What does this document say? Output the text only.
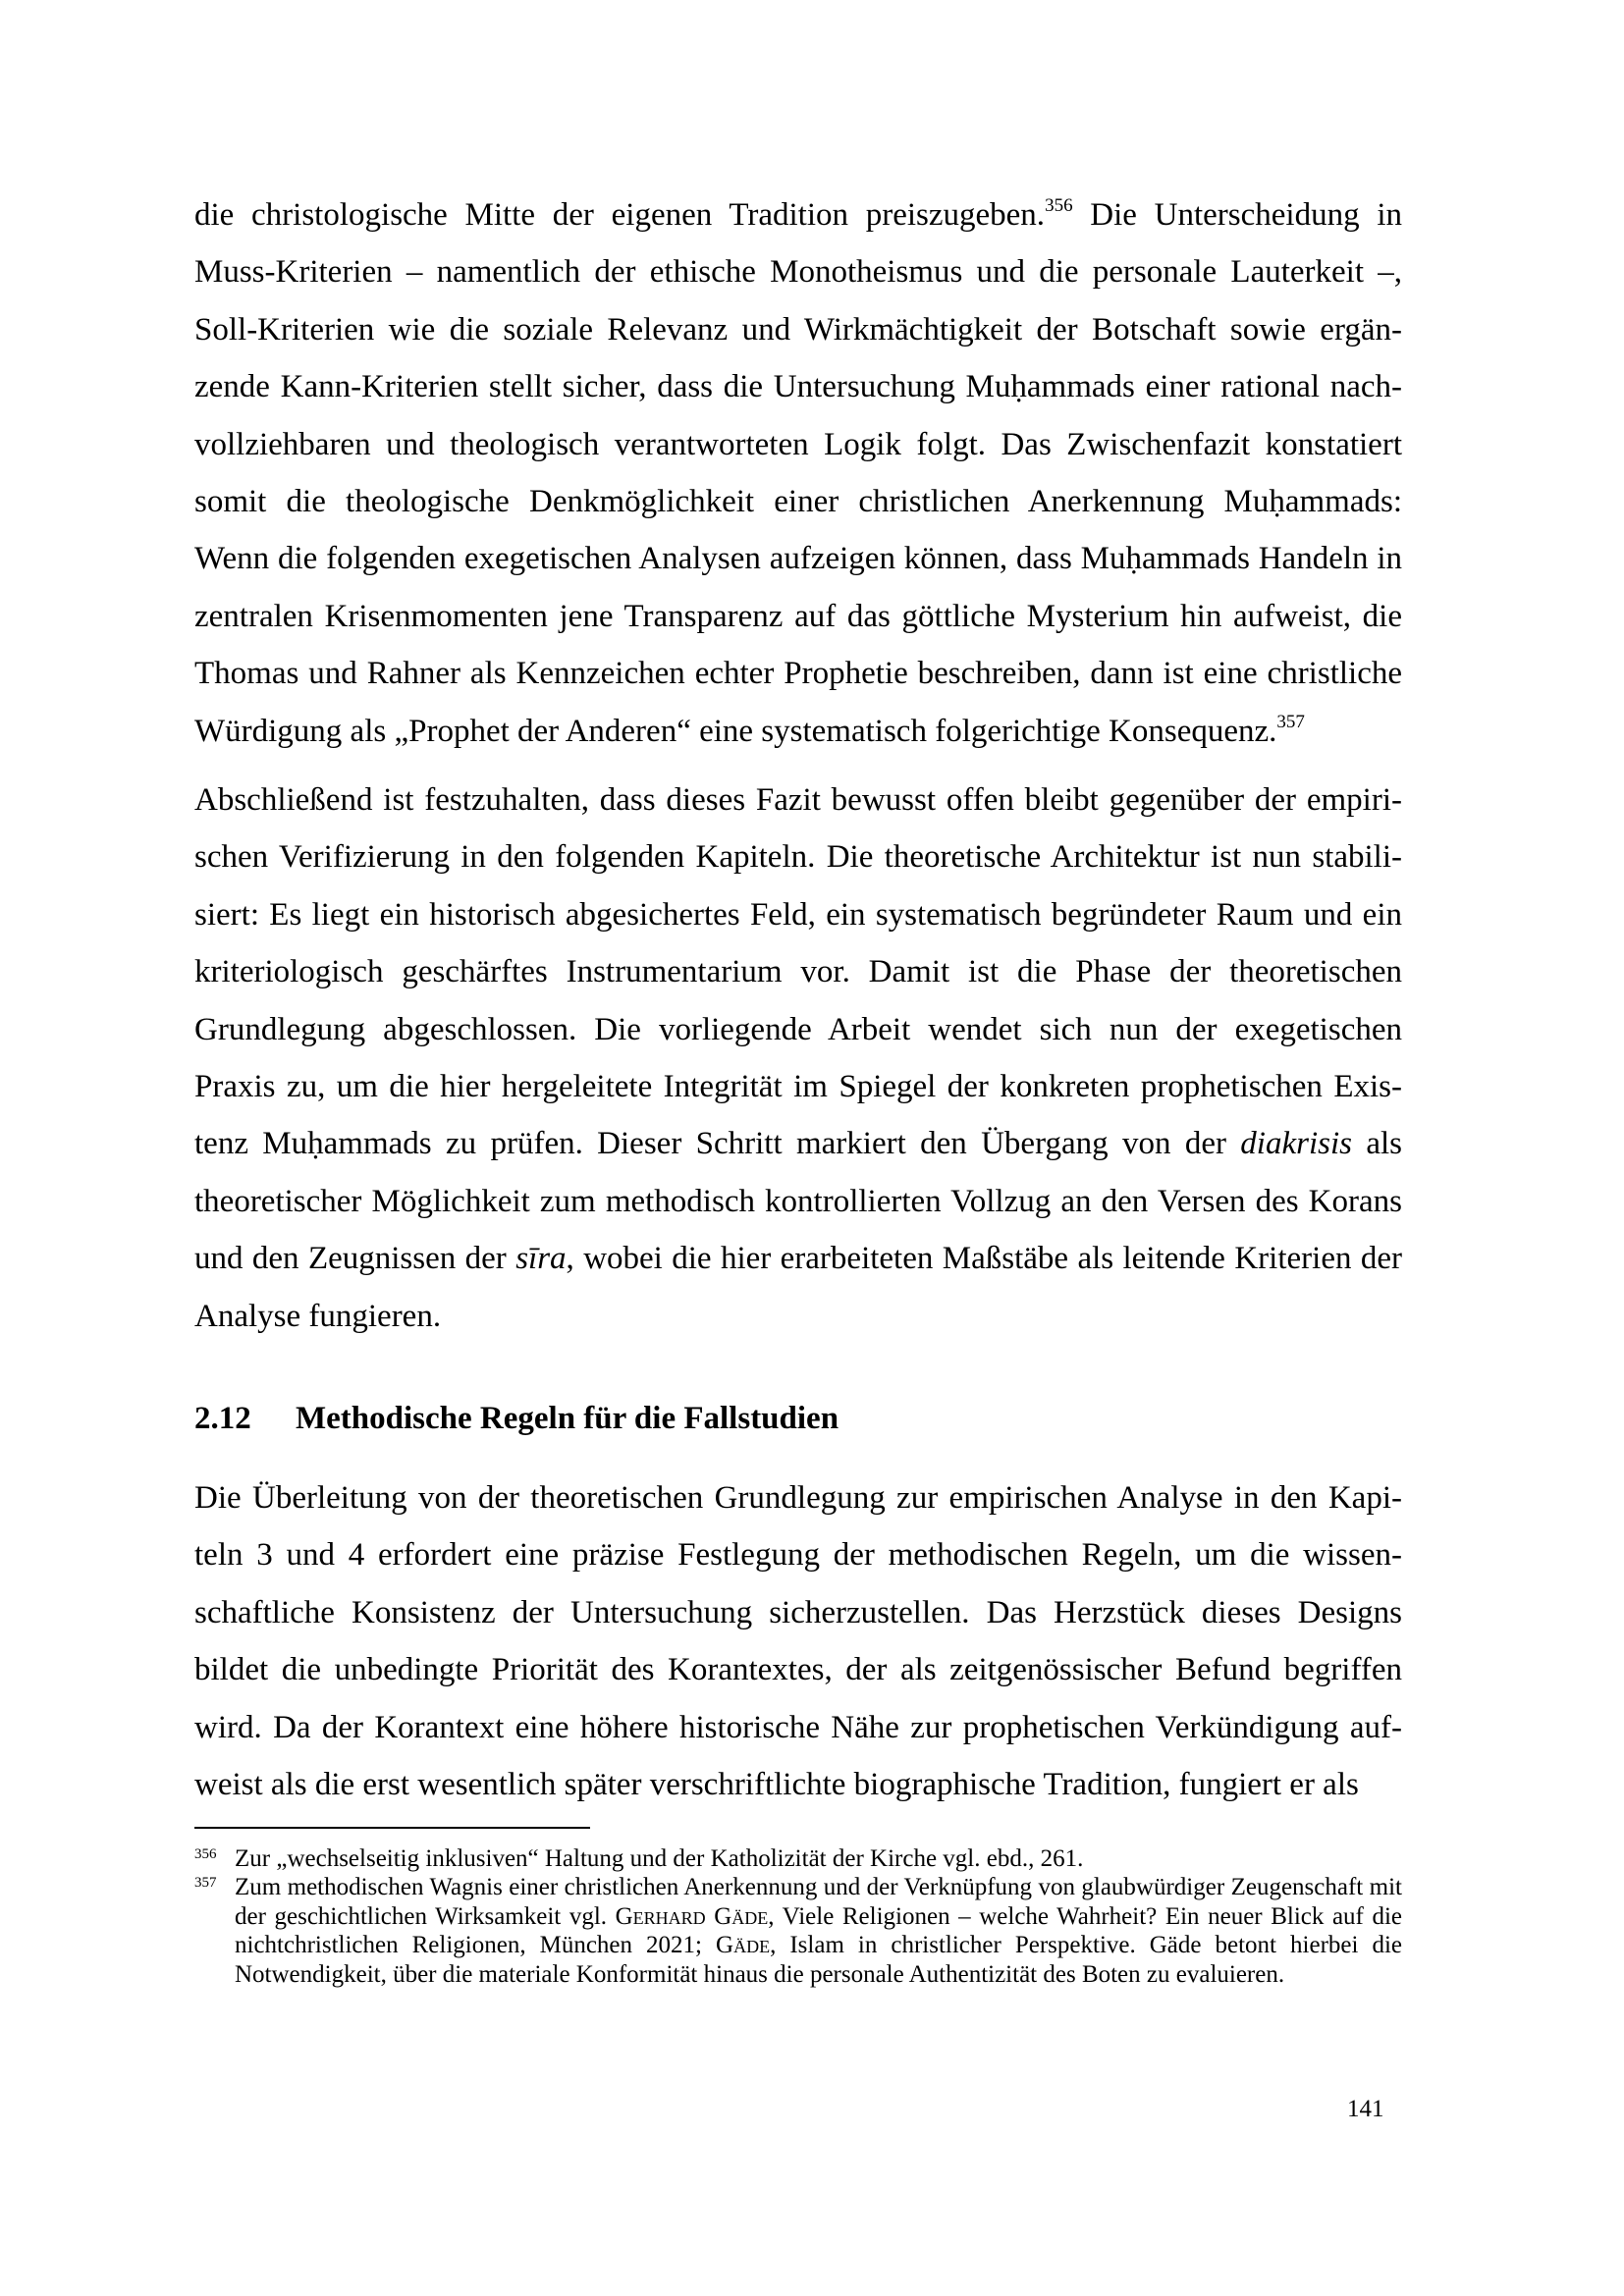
die christologische Mitte der eigenen Tradition preiszugeben.$^{356}$ Die Unterscheidung in Muss-Kriterien – namentlich der ethische Monotheismus und die personale Lauterkeit –, Soll-Kriterien wie die soziale Relevanz und Wirkmächtigkeit der Botschaft sowie ergänzende Kann-Kriterien stellt sicher, dass die Untersuchung Muḥammads einer rational nachvollziehbaren und theologisch verantworteten Logik folgt. Das Zwischenfazit konstatiert somit die theologische Denkmöglichkeit einer christlichen Anerkennung Muḥammads: Wenn die folgenden exegetischen Analysen aufzeigen können, dass Muḥammads Handeln in zentralen Krisenmomenten jene Transparenz auf das göttliche Mysterium hin aufweist, die Thomas und Rahner als Kennzeichen echter Prophetie beschreiben, dann ist eine christliche Würdigung als „Prophet der Anderen“ eine systematisch folgerichtige Konsequenz.$^{357}$

Abschließend ist festzuhalten, dass dieses Fazit bewusst offen bleibt gegenüber der empirischen Verifizierung in den folgenden Kapiteln. Die theoretische Architektur ist nun stabilisiert: Es liegt ein historisch abgesichertes Feld, ein systematisch begründeter Raum und ein kriteriologisch geschärftes Instrumentarium vor. Damit ist die Phase der theoretischen Grundlegung abgeschlossen. Die vorliegende Arbeit wendet sich nun der exegetischen Praxis zu, um die hier hergeleitete Integrität im Spiegel der konkreten prophetischen Existenz Muḥammads zu prüfen. Dieser Schritt markiert den Übergang von der diakrisis als theoretischer Möglichkeit zum methodisch kontrollierten Vollzug an den Versen des Korans und den Zeugnissen der sīra, wobei die hier erarbeiteten Maßstäbe als leitende Kriterien der Analyse fungieren.

2.12 Methodische Regeln für die Fallstudien

Die Überleitung von der theoretischen Grundlegung zur empirischen Analyse in den Kapiteln 3 und 4 erfordert eine präzise Festlegung der methodischen Regeln, um die wissenschaftliche Konsistenz der Untersuchung sicherzustellen. Das Herzstück dieses Designs bildet die unbedingte Priorität des Korantextes, der als zeitgenössischer Befund begriffen wird. Da der Korantext eine höhere historische Nähe zur prophetischen Verkündigung aufweist als die erst wesentlich später verschriftlichte biographische Tradition, fungiert er als

356 Zur „wechselseitig inklusiven“ Haltung und der Katholizität der Kirche vgl. ebd., 261.

357 Zum methodischen Wagnis einer christlichen Anerkennung und der Verknüpfung von glaubwürdiger Zeugenschaft mit der geschichtlichen Wirksamkeit vgl. Gerhard Gäde, Viele Religionen – welche Wahrheit? Ein neuer Blick auf die nichtchristlichen Religionen, München 2021; Gäde, Islam in christlicher Perspektive. Gäde betont hierbei die Notwendigkeit, über die materiale Konformität hinaus die personale Authentizität des Boten zu evaluieren.

141
